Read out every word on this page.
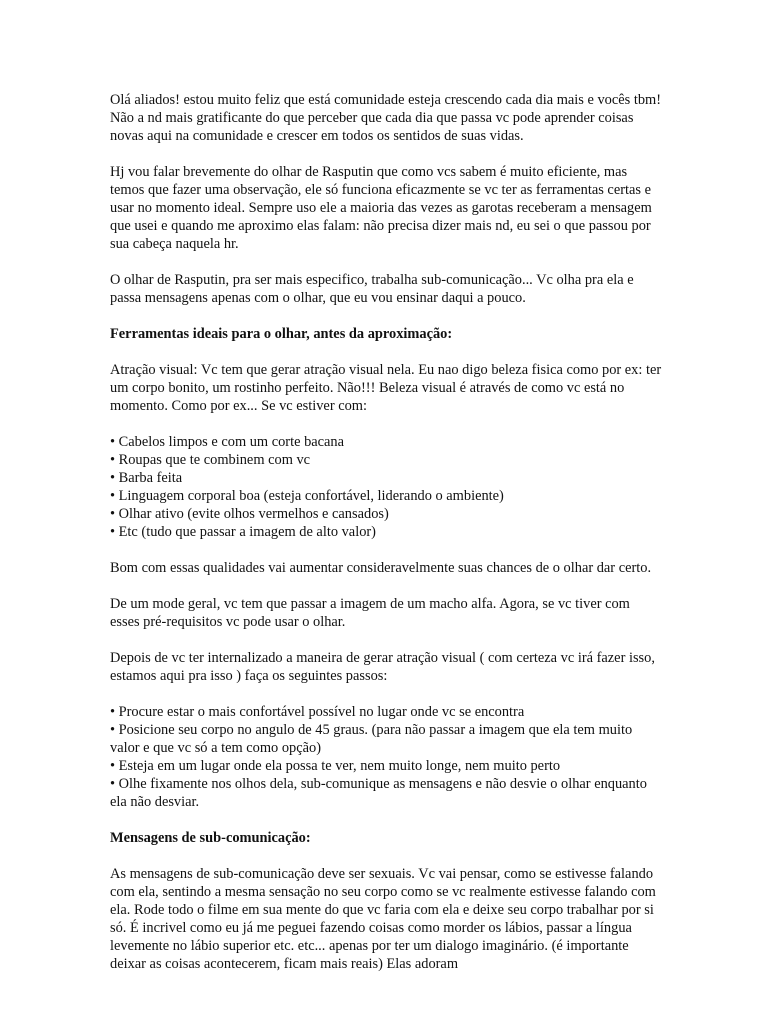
Olá aliados! estou muito feliz que está comunidade esteja crescendo cada dia mais e vocês tbm! Não a nd mais gratificante do que perceber que cada dia que passa vc pode aprender coisas novas aqui na comunidade e crescer em todos os sentidos de suas vidas.

Hj vou falar brevemente do olhar de Rasputin que como vcs sabem é muito eficiente, mas temos que fazer uma observação, ele só funciona eficazmente se vc ter as ferramentas certas e usar no momento ideal. Sempre uso ele a maioria das vezes as garotas receberam a mensagem que usei e quando me aproximo elas falam: não precisa dizer mais nd, eu sei o que passou por sua cabeça naquela hr.

O olhar de Rasputin, pra ser mais especifico, trabalha sub-comunicação... Vc olha pra ela e passa mensagens apenas com o olhar, que eu vou ensinar daqui a pouco.

Ferramentas ideais para o olhar, antes da aproximação:

Atração visual: Vc tem que gerar atração visual nela. Eu nao digo beleza fisica como por ex: ter um corpo bonito, um rostinho perfeito. Não!!! Beleza visual é através de como vc está no momento. Como por ex... Se vc estiver com:

• Cabelos limpos e com um corte bacana
• Roupas que te combinem com vc
• Barba feita
• Linguagem corporal boa (esteja confortável, liderando o ambiente)
• Olhar ativo (evite olhos vermelhos e cansados)
• Etc (tudo que passar a imagem de alto valor)

Bom com essas qualidades vai aumentar consideravelmente suas chances de o olhar dar certo.

De um mode geral, vc tem que passar a imagem de um macho alfa. Agora, se vc tiver com esses pré-requisitos vc pode usar o olhar.

Depois de vc ter internalizado a maneira de gerar atração visual ( com certeza vc irá fazer isso, estamos aqui pra isso ) faça os seguintes passos:

• Procure estar o mais confortável possível no lugar onde vc se encontra
• Posicione seu corpo no angulo de 45 graus. (para não passar a imagem que ela tem muito valor e que vc só a tem como opção)
• Esteja em um lugar onde ela possa te ver, nem muito longe, nem muito perto
• Olhe fixamente nos olhos dela, sub-comunique as mensagens e não desvie o olhar enquanto ela não desviar.

Mensagens de sub-comunicação:

As mensagens de sub-comunicação deve ser sexuais. Vc vai pensar, como se estivesse falando com ela, sentindo a mesma sensação no seu corpo como se vc realmente estivesse falando com ela. Rode todo o filme em sua mente do que vc faria com ela e deixe seu corpo trabalhar por si só. É incrivel como eu já me peguei fazendo coisas como morder os lábios, passar a língua levemente no lábio superior etc. etc... apenas por ter um dialogo imaginário. (é importante deixar as coisas acontecerem, ficam mais reais) Elas adoram
